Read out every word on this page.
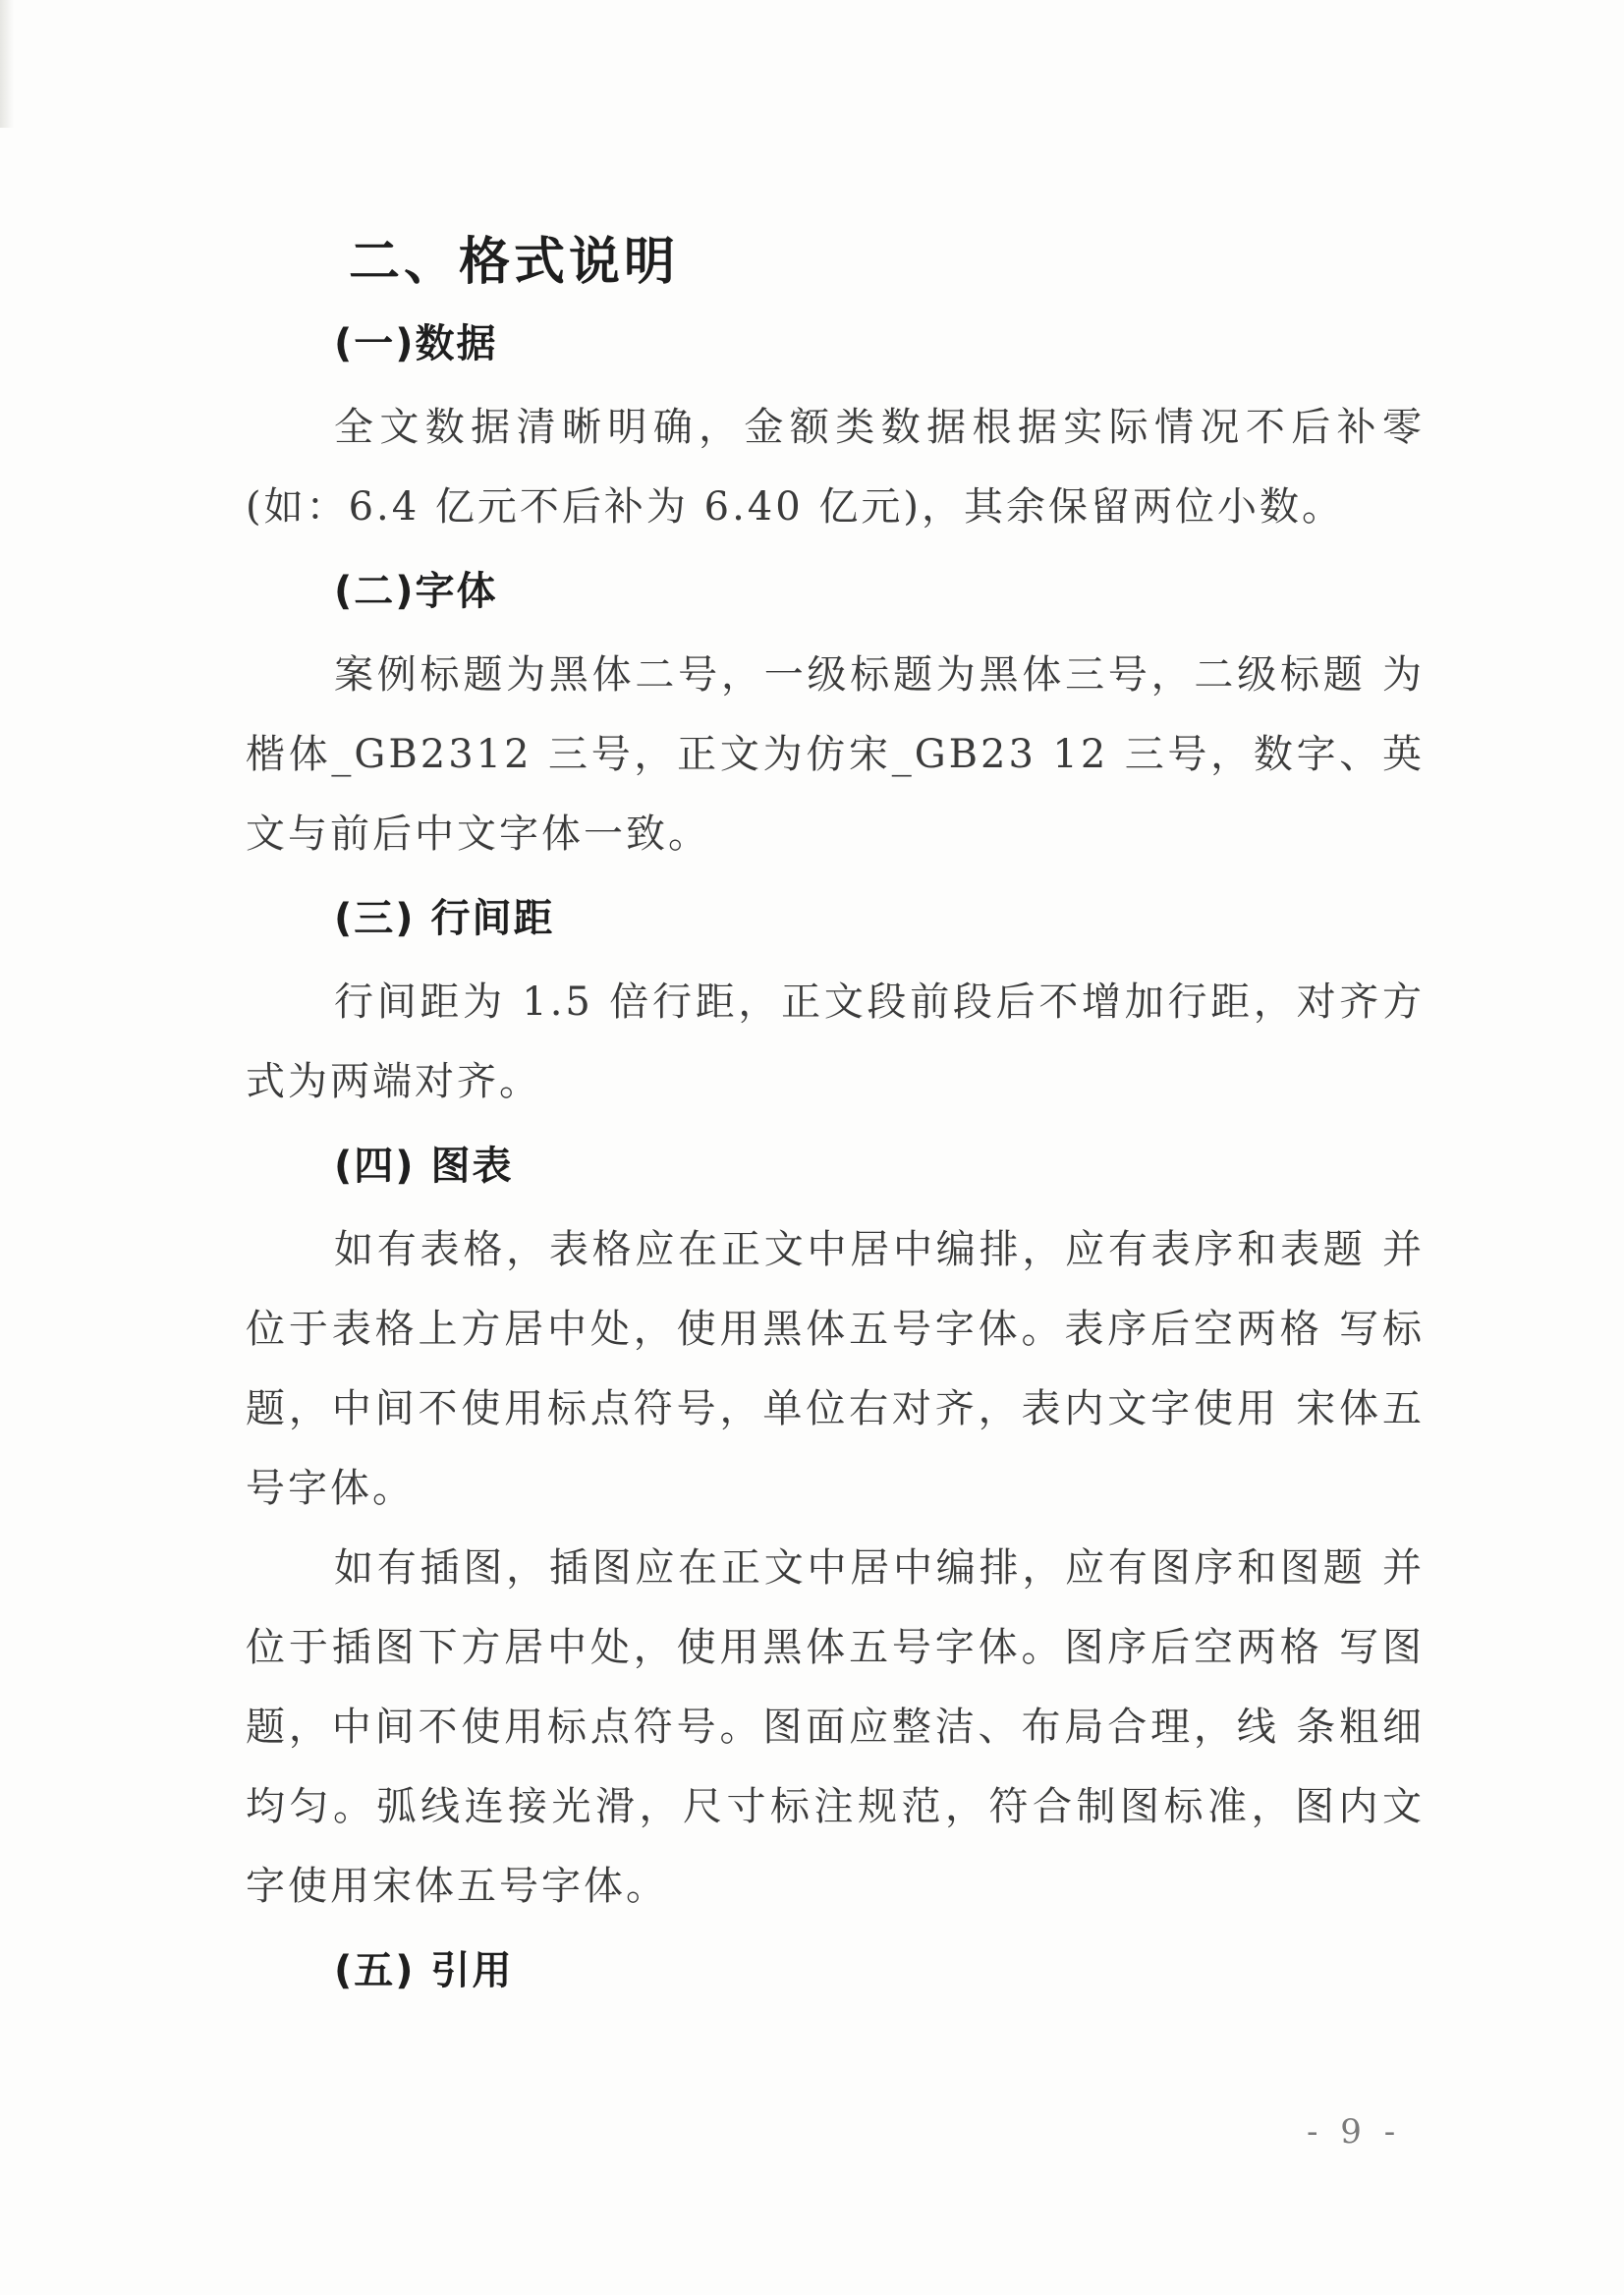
二、格式说明
(一)数据

全文数据清晰明确，金额类数据根据实际情况不后补零(如：6.4 亿元不后补为 6.40 亿元)，其余保留两位小数。

(二)字体

案例标题为黑体二号，一级标题为黑体三号，二级标题 为楷体_GB2312 三号，正文为仿宋_GB23 12 三号，数字、英文与前后中文字体一致。

(三) 行间距

行间距为 1.5 倍行距，正文段前段后不增加行距，对齐方式为两端对齐。

(四) 图表

如有表格，表格应在正文中居中编排，应有表序和表题 并位于表格上方居中处，使用黑体五号字体。表序后空两格 写标题，中间不使用标点符号，单位右对齐，表内文字使用 宋体五号字体。

如有插图，插图应在正文中居中编排，应有图序和图题 并位于插图下方居中处，使用黑体五号字体。图序后空两格 写图题，中间不使用标点符号。图面应整洁、布局合理，线 条粗细均匀。弧线连接光滑，尺寸标注规范，符合制图标准，图内文字使用宋体五号字体。

(五) 引用
- 9 -
